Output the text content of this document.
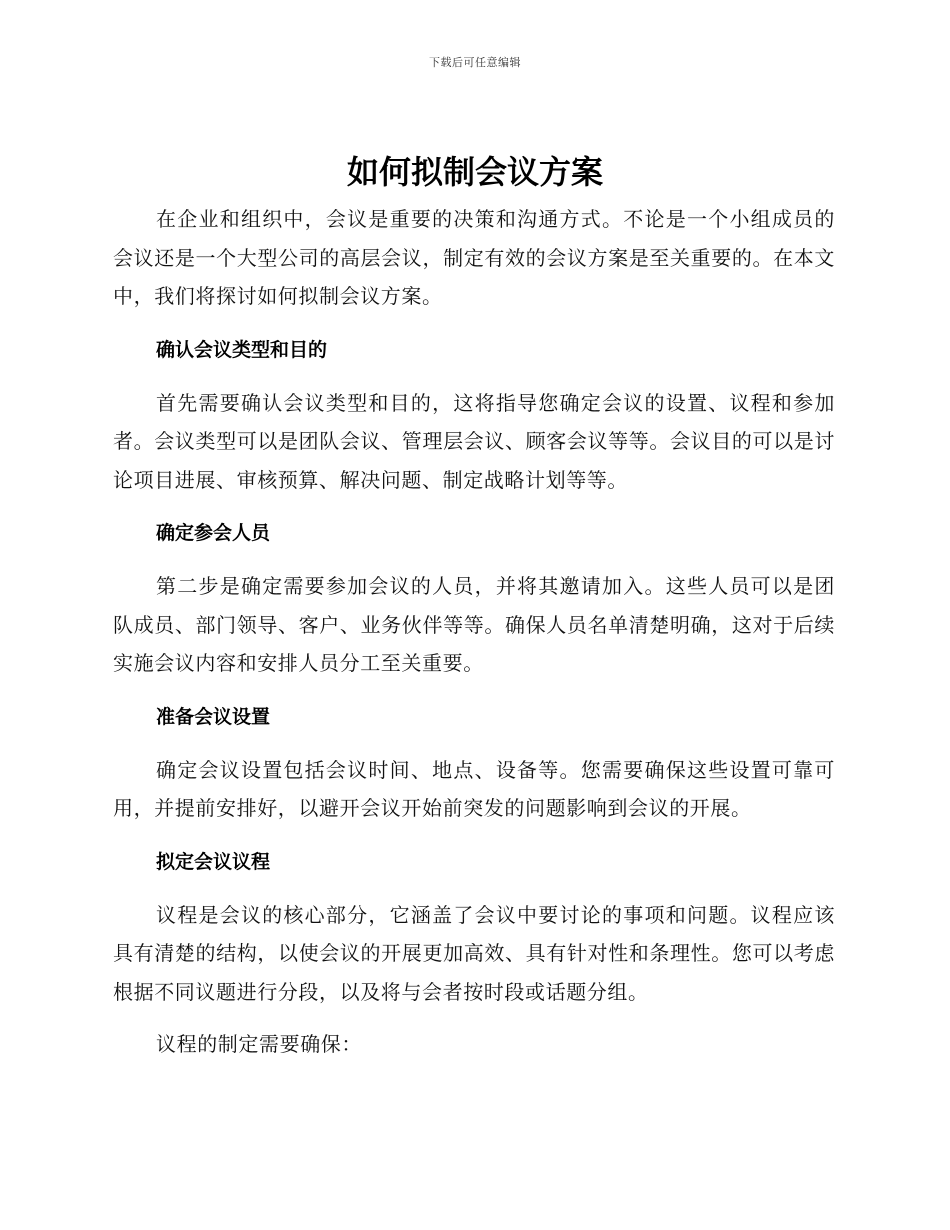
下载后可任意编辑
如何拟制会议方案

在企业和组织中，会议是重要的决策和沟通方式。不论是一个小组成员的会议还是一个大型公司的高层会议，制定有效的会议方案是至关重要的。在本文中，我们将探讨如何拟制会议方案。

确认会议类型和目的

首先需要确认会议类型和目的，这将指导您确定会议的设置、议程和参加者。会议类型可以是团队会议、管理层会议、顾客会议等等。会议目的可以是讨论项目进展、审核预算、解决问题、制定战略计划等等。

确定参会人员

第二步是确定需要参加会议的人员，并将其邀请加入。这些人员可以是团队成员、部门领导、客户、业务伙伴等等。确保人员名单清楚明确，这对于后续实施会议内容和安排人员分工至关重要。

准备会议设置

确定会议设置包括会议时间、地点、设备等。您需要确保这些设置可靠可用，并提前安排好，以避开会议开始前突发的问题影响到会议的开展。

拟定会议议程

议程是会议的核心部分，它涵盖了会议中要讨论的事项和问题。议程应该具有清楚的结构，以使会议的开展更加高效、具有针对性和条理性。您可以考虑根据不同议题进行分段，以及将与会者按时段或话题分组。

议程的制定需要确保：
